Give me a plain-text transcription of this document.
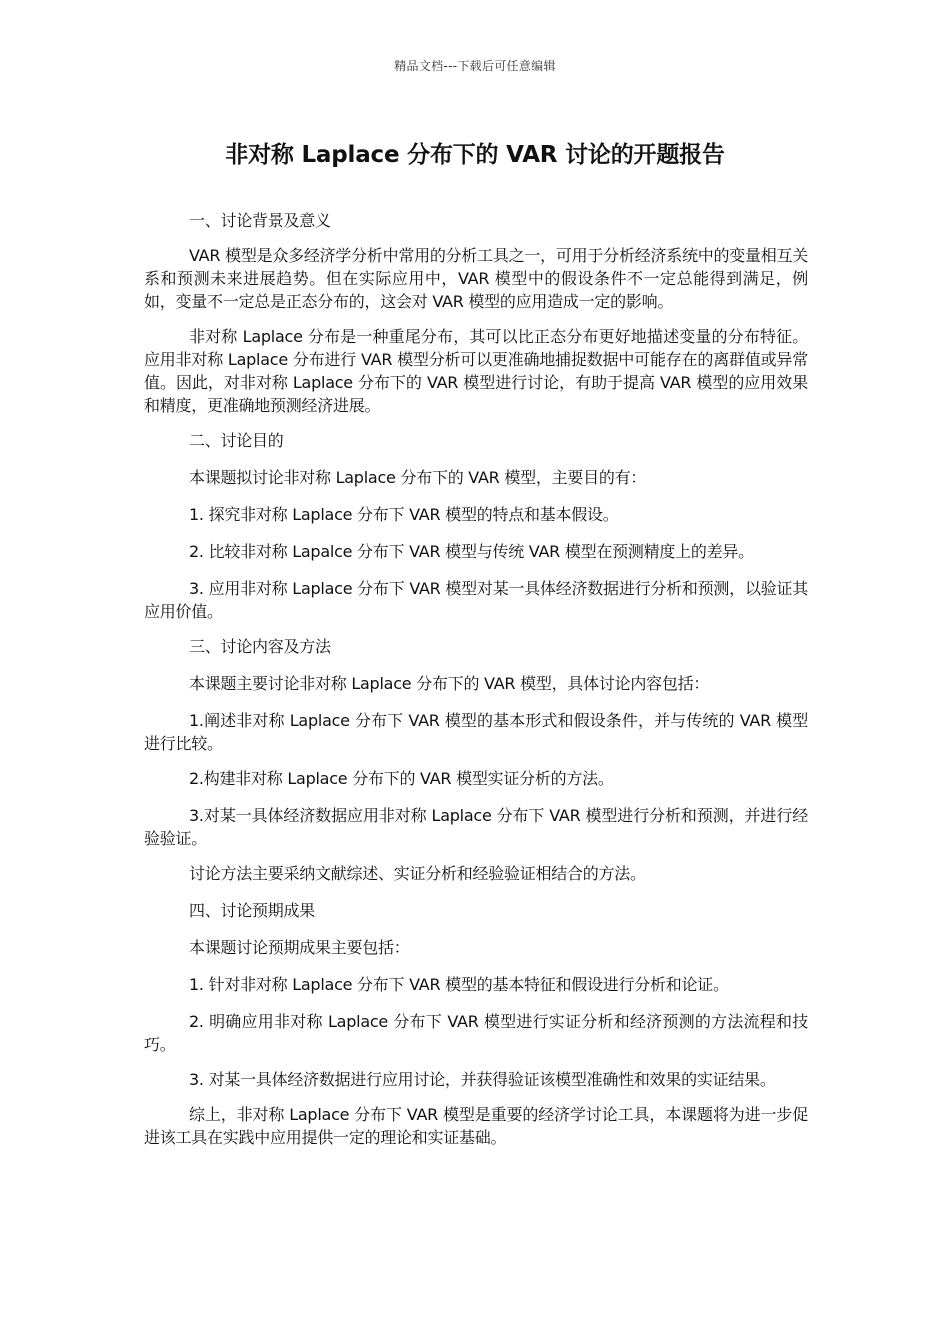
精品文档---下载后可任意编辑
非对称 Laplace 分布下的 VAR 讨论的开题报告

一、讨论背景及意义

VAR 模型是众多经济学分析中常用的分析工具之一，可用于分析经济系统中的变量相互关系和预测未来进展趋势。但在实际应用中，VAR 模型中的假设条件不一定总能得到满足，例如，变量不一定总是正态分布的，这会对 VAR 模型的应用造成一定的影响。

非对称 Laplace 分布是一种重尾分布，其可以比正态分布更好地描述变量的分布特征。应用非对称 Laplace 分布进行 VAR 模型分析可以更准确地捕捉数据中可能存在的离群值或异常值。因此，对非对称 Laplace 分布下的 VAR 模型进行讨论，有助于提高 VAR 模型的应用效果和精度，更准确地预测经济进展。

二、讨论目的

本课题拟讨论非对称 Laplace 分布下的 VAR 模型，主要目的有：

1. 探究非对称 Laplace 分布下 VAR 模型的特点和基本假设。

2. 比较非对称 Lapalce 分布下 VAR 模型与传统 VAR 模型在预测精度上的差异。

3. 应用非对称 Laplace 分布下 VAR 模型对某一具体经济数据进行分析和预测，以验证其应用价值。

三、讨论内容及方法

本课题主要讨论非对称 Laplace 分布下的 VAR 模型，具体讨论内容包括：

1.阐述非对称 Laplace 分布下 VAR 模型的基本形式和假设条件，并与传统的 VAR 模型进行比较。

2.构建非对称 Laplace 分布下的 VAR 模型实证分析的方法。

3.对某一具体经济数据应用非对称 Laplace 分布下 VAR 模型进行分析和预测，并进行经验验证。

讨论方法主要采纳文献综述、实证分析和经验验证相结合的方法。

四、讨论预期成果

本课题讨论预期成果主要包括：

1. 针对非对称 Laplace 分布下 VAR 模型的基本特征和假设进行分析和论证。

2. 明确应用非对称 Laplace 分布下 VAR 模型进行实证分析和经济预测的方法流程和技巧。

3. 对某一具体经济数据进行应用讨论，并获得验证该模型准确性和效果的实证结果。

综上，非对称 Laplace 分布下 VAR 模型是重要的经济学讨论工具，本课题将为进一步促进该工具在实践中应用提供一定的理论和实证基础。
